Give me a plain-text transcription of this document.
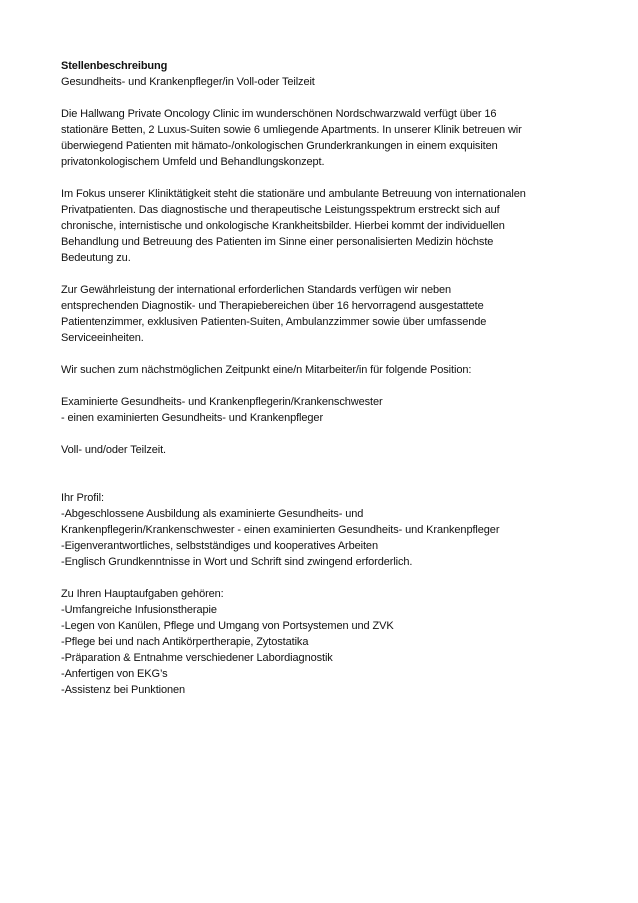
Stellenbeschreibung
Gesundheits- und Krankenpfleger/in Voll-oder Teilzeit
Die Hallwang Private Oncology Clinic im wunderschönen Nordschwarzwald verfügt über 16
stationäre Betten, 2 Luxus-Suiten sowie 6 umliegende Apartments. In unserer Klinik betreuen wir
überwiegend Patienten mit hämato-/onkologischen Grunderkrankungen in einem exquisiten
privatonkologischem Umfeld und Behandlungskonzept.
Im Fokus unserer Kliniktätigkeit steht die stationäre und ambulante Betreuung von internationalen
Privatpatienten. Das diagnostische und therapeutische Leistungsspektrum erstreckt sich auf
chronische, internistische und onkologische Krankheitsbilder. Hierbei kommt der individuellen
Behandlung und Betreuung des Patienten im Sinne einer personalisierten Medizin höchste
Bedeutung zu.
Zur Gewährleistung der international erforderlichen Standards verfügen wir neben
entsprechenden Diagnostik- und Therapiebereichen über 16 hervorragend ausgestattete
Patientenzimmer, exklusiven Patienten-Suiten, Ambulanzzimmer sowie über umfassende
Serviceeinheiten.
Wir suchen zum nächstmöglichen Zeitpunkt eine/n Mitarbeiter/in für folgende Position:
Examinierte Gesundheits- und Krankenpflegerin/Krankenschwester
- einen examinierten Gesundheits- und Krankenpfleger
Voll- und/oder Teilzeit.
Ihr Profil:
-Abgeschlossene Ausbildung als examinierte Gesundheits- und
Krankenpflegerin/Krankenschwester - einen examinierten Gesundheits- und Krankenpfleger
-Eigenverantwortliches, selbstständiges und kooperatives Arbeiten
-Englisch Grundkenntnisse in Wort und Schrift sind zwingend erforderlich.
Zu Ihren Hauptaufgaben gehören:
-Umfangreiche Infusionstherapie
-Legen von Kanülen, Pflege und Umgang von Portsystemen und ZVK
-Pflege bei und nach Antikörpertherapie, Zytostatika
-Präparation & Entnahme verschiedener Labordiagnostik
-Anfertigen von EKG’s
-Assistenz bei Punktionen
